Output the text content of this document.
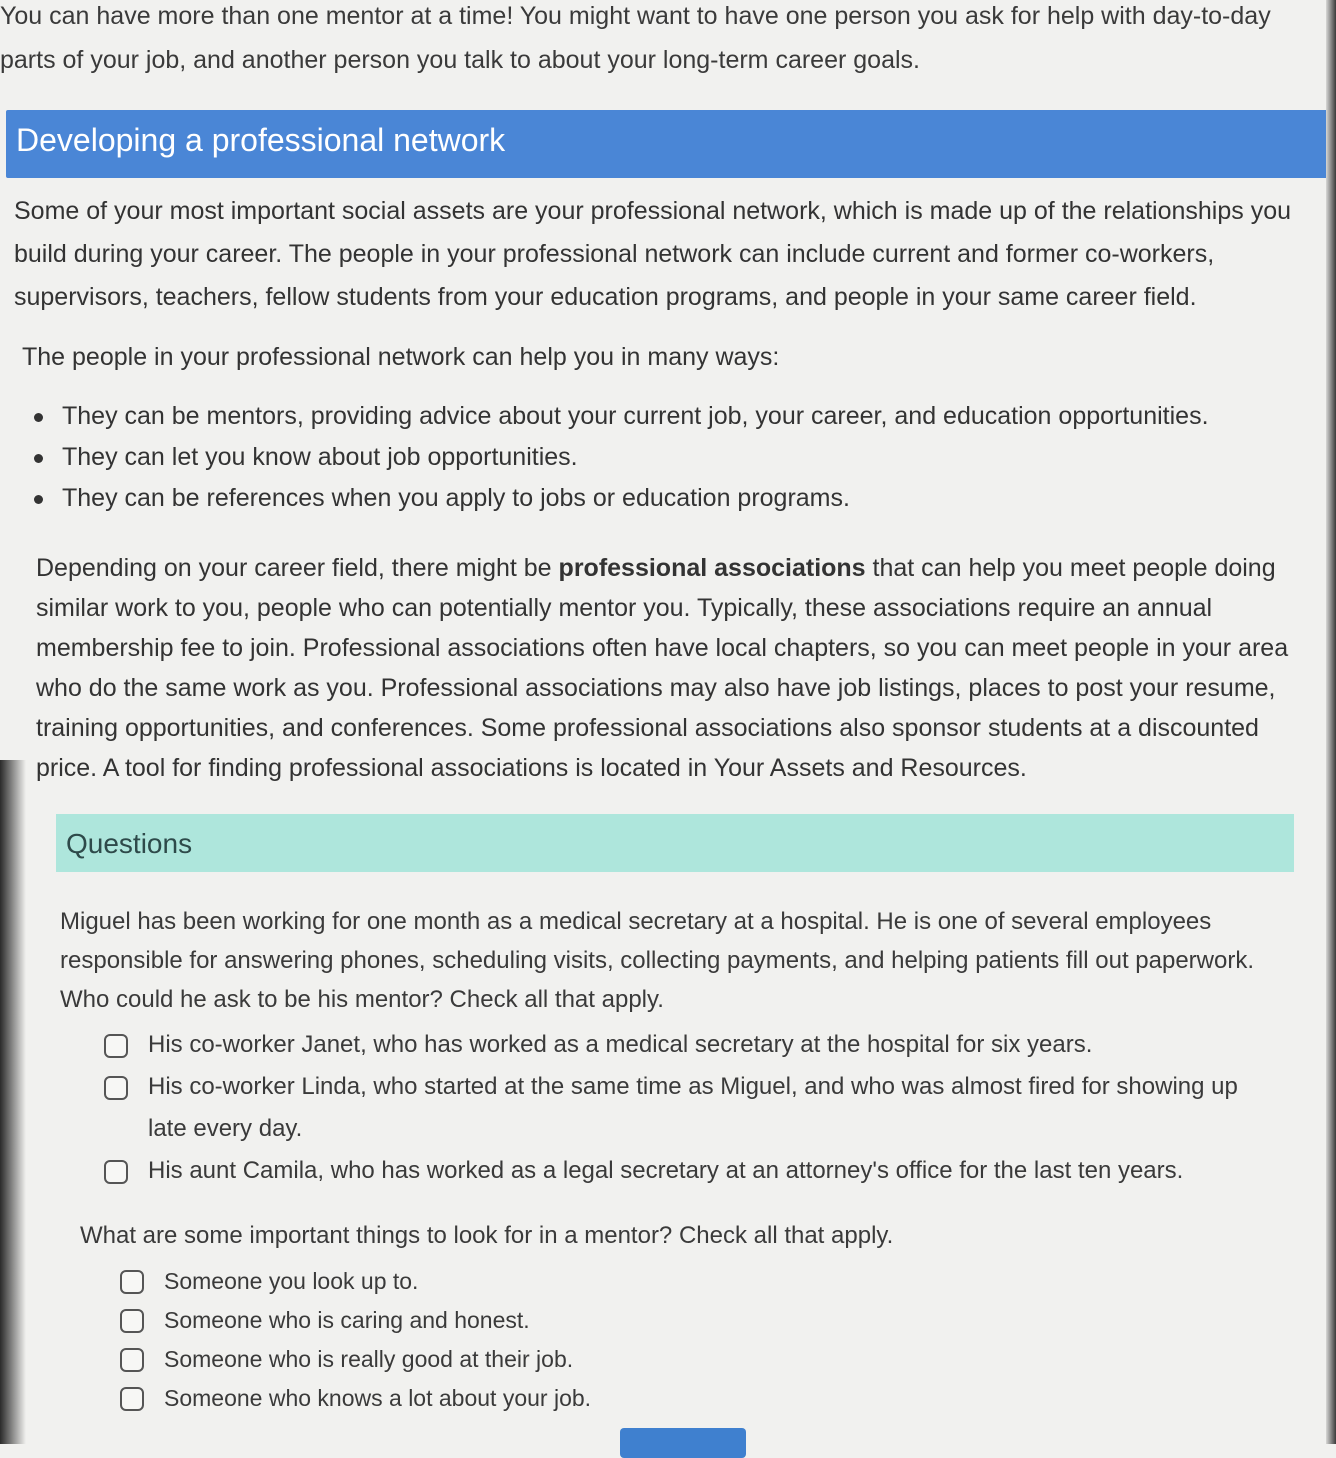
You can have more than one mentor at a time! You might want to have one person you ask for help with day-to-day parts of your job, and another person you talk to about your long-term career goals.

Developing a professional network

Some of your most important social assets are your professional network, which is made up of the relationships you build during your career. The people in your professional network can include current and former co-workers, supervisors, teachers, fellow students from your education programs, and people in your same career field.

The people in your professional network can help you in many ways:

They can be mentors, providing advice about your current job, your career, and education opportunities.
They can let you know about job opportunities.
They can be references when you apply to jobs or education programs.

Depending on your career field, there might be professional associations that can help you meet people doing similar work to you, people who can potentially mentor you. Typically, these associations require an annual membership fee to join. Professional associations often have local chapters, so you can meet people in your area who do the same work as you. Professional associations may also have job listings, places to post your resume, training opportunities, and conferences. Some professional associations also sponsor students at a discounted price. A tool for finding professional associations is located in Your Assets and Resources.

Questions

Miguel has been working for one month as a medical secretary at a hospital. He is one of several employees responsible for answering phones, scheduling visits, collecting payments, and helping patients fill out paperwork. Who could he ask to be his mentor? Check all that apply.

His co-worker Janet, who has worked as a medical secretary at the hospital for six years.
His co-worker Linda, who started at the same time as Miguel, and who was almost fired for showing up late every day.
His aunt Camila, who has worked as a legal secretary at an attorney's office for the last ten years.

What are some important things to look for in a mentor? Check all that apply.

Someone you look up to.
Someone who is caring and honest.
Someone who is really good at their job.
Someone who knows a lot about your job.
